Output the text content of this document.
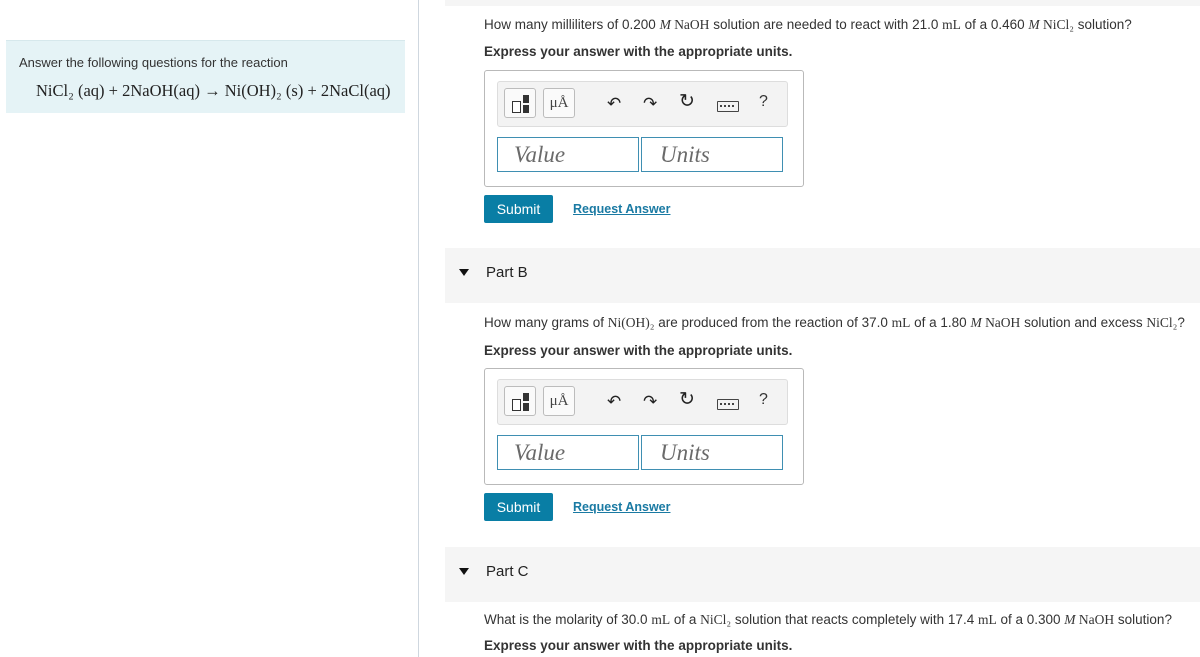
Answer the following questions for the reaction
NiCl₂ (aq) + 2NaOH(aq) → Ni(OH)₂ (s) + 2NaCl(aq)
How many milliliters of 0.200 M NaOH solution are needed to react with 21.0 mL of a 0.460 M NiCl₂ solution?
Express your answer with the appropriate units.
μÅ	↶ ↷ ↻	?
Value	Units
Submit	Request Answer
Part B
How many grams of Ni(OH)₂ are produced from the reaction of 37.0 mL of a 1.80 M NaOH solution and excess NiCl₂?
Express your answer with the appropriate units.
μÅ	↶ ↷ ↻	?
Value	Units
Submit	Request Answer
Part C
What is the molarity of 30.0 mL of a NiCl₂ solution that reacts completely with 17.4 mL of a 0.300 M NaOH solution?
Express your answer with the appropriate units.
